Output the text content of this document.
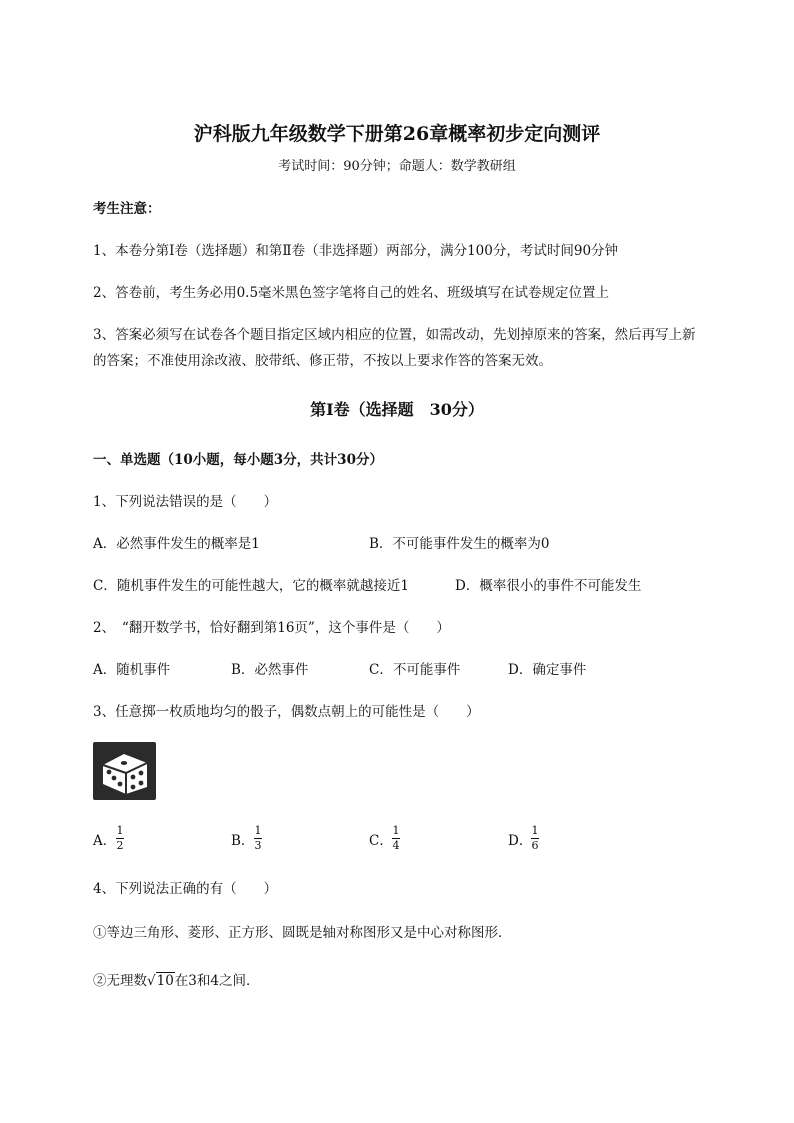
沪科版九年级数学下册第26章概率初步定向测评
考试时间：90分钟；命题人：数学教研组
考生注意：
1、本卷分第I卷（选择题）和第Ⅱ卷（非选择题）两部分，满分100分，考试时间90分钟
2、答卷前，考生务必用0.5毫米黑色签字笔将自己的姓名、班级填写在试卷规定位置上
3、答案必须写在试卷各个题目指定区域内相应的位置，如需改动，先划掉原来的答案，然后再写上新
的答案；不准使用涂改液、胶带纸、修正带，不按以上要求作答的答案无效。
第I卷（选择题　30分）
一、单选题（10小题，每小题3分，共计30分）
1、下列说法错误的是（　　）
A．必然事件发生的概率是1	B．不可能事件发生的概率为0
C．随机事件发生的可能性越大，它的概率就越接近1	D．概率很小的事件不可能发生
2、　“翻开数学书，恰好翻到第16页”，这个事件是（　　）
A．随机事件	B．必然事件	C．不可能事件	D．确定事件
3、任意掷一枚质地均匀的骰子，偶数点朝上的可能性是（　　）
A．
1
2	B．
1
3	C．
1
4	D．
1
6
4、下列说法正确的有（　　）
①等边三角形、菱形、正方形、圆既是轴对称图形又是中心对称图形．
②无理数√10在3和4之间．
